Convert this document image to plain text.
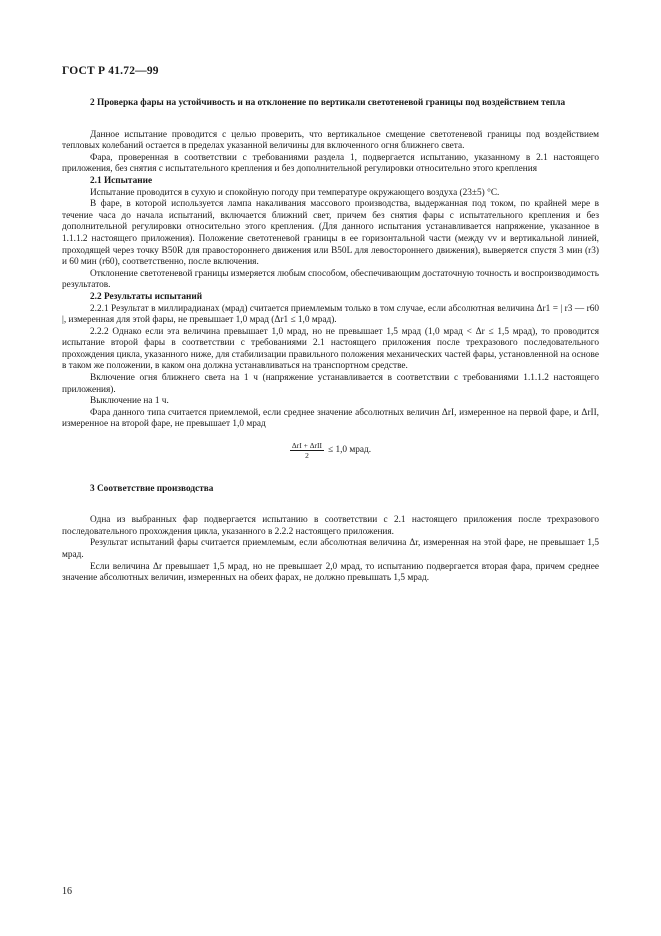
ГОСТ Р 41.72—99

2 Проверка фары на устойчивость и на отклонение по вертикали светотеневой границы под воздействием тепла

Данное испытание проводится с целью проверить, что вертикальное смещение светотеневой границы под воздействием тепловых колебаний остается в пределах указанной величины для включенного огня ближнего света.

Фара, проверенная в соответствии с требованиями раздела 1, подвергается испытанию, указанному в 2.1 настоящего приложения, без снятия с испытательного крепления и без дополнительной регулировки относительно этого крепления

2.1 Испытание

Испытание проводится в сухую и спокойную погоду при температуре окружающего воздуха (23±5) °С.

В фаре, в которой используется лампа накаливания массового производства, выдержанная под током, по крайней мере в течение часа до начала испытаний, включается ближний свет, причем без снятия фары с испытательного крепления и без дополнительной регулировки относительно этого крепления. (Для данного испытания устанавливается напряжение, указанное в 1.1.1.2 настоящего приложения). Положение светотеневой границы в ее горизонтальной части (между vv и вертикальной линией, проходящей через точку B50R для правостороннего движения или B50L для левостороннего движения), выверяется спустя 3 мин (r3) и 60 мин (r60), соответственно, после включения.

Отклонение светотеневой границы измеряется любым способом, обеспечивающим достаточную точность и воспроизводимость результатов.

2.2 Результаты испытаний

2.2.1 Результат в миллирадианах (мрад) считается приемлемым только в том случае, если абсолютная величина Δr1 = | r3 — r60 |, измеренная для этой фары, не превышает 1,0 мрад (Δr1 ≤ 1,0 мрад).

2.2.2 Однако если эта величина превышает 1,0 мрад, но не превышает 1,5 мрад (1,0 мрад < Δr ≤ 1,5 мрад), то проводится испытание второй фары в соответствии с требованиями 2.1 настоящего приложения после трехразового последовательного прохождения цикла, указанного ниже, для стабилизации правильного положения механических частей фары, установленной на основе в таком же положении, в каком она должна устанавливаться на транспортном средстве.

Включение огня ближнего света на 1 ч (напряжение устанавливается в соответствии с требованиями 1.1.1.2 настоящего приложения).

Выключение на 1 ч.

Фара данного типа считается приемлемой, если среднее значение абсолютных величин ΔrI, измеренное на первой фаре, и ΔrII, измеренное на второй фаре, не превышает 1,0 мрад

$\frac{\text{ΔrI + ΔrII}}{2} \le 1,0$ мрад.

3 Соответствие производства

Одна из выбранных фар подвергается испытанию в соответствии с 2.1 настоящего приложения после трехразового последовательного прохождения цикла, указанного в 2.2.2 настоящего приложения.

Результат испытаний фары считается приемлемым, если абсолютная величина Δr, измеренная на этой фаре, не превышает 1,5 мрад.

Если величина Δr превышает 1,5 мрад, но не превышает 2,0 мрад, то испытанию подвергается вторая фара, причем среднее значение абсолютных величин, измеренных на обеих фарах, не должно превышать 1,5 мрад.

16
